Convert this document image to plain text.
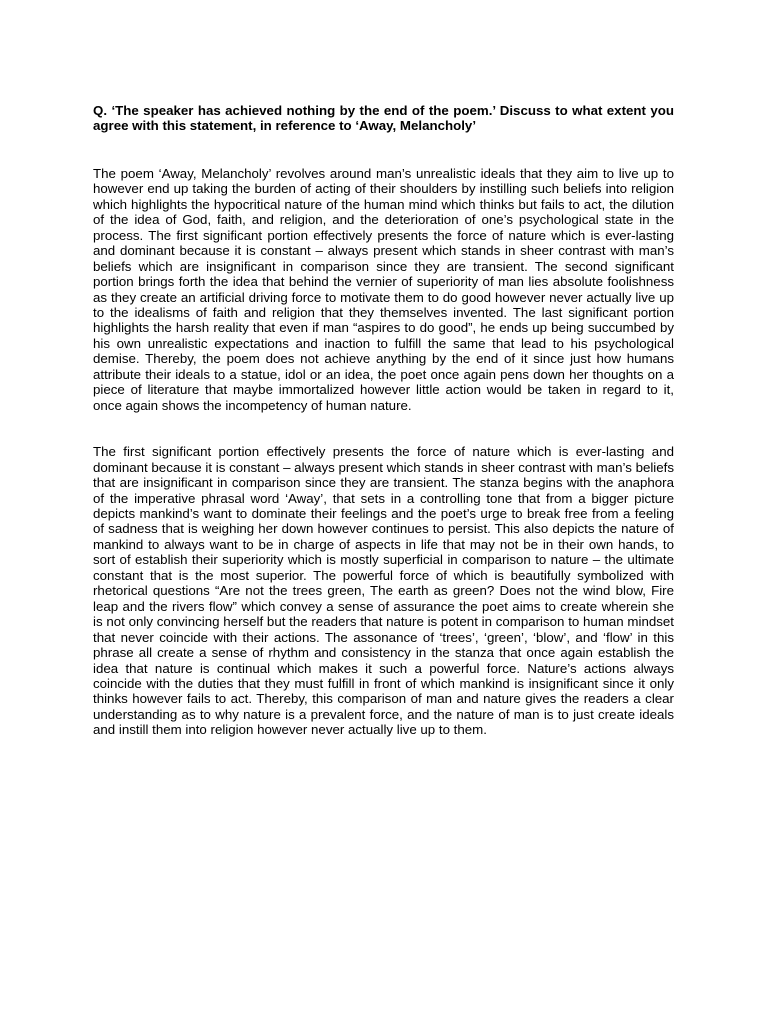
Q. ‘The speaker has achieved nothing by the end of the poem.’ Discuss to what extent you agree with this statement, in reference to ‘Away, Melancholy’

The poem ‘Away, Melancholy’ revolves around man’s unrealistic ideals that they aim to live up to however end up taking the burden of acting of their shoulders by instilling such beliefs into religion which highlights the hypocritical nature of the human mind which thinks but fails to act, the dilution of the idea of God, faith, and religion, and the deterioration of one’s psychological state in the process. The first significant portion effectively presents the force of nature which is ever-lasting and dominant because it is constant – always present which stands in sheer contrast with man’s beliefs which are insignificant in comparison since they are transient. The second significant portion brings forth the idea that behind the vernier of superiority of man lies absolute foolishness as they create an artificial driving force to motivate them to do good however never actually live up to the idealisms of faith and religion that they themselves invented. The last significant portion highlights the harsh reality that even if man “aspires to do good”, he ends up being succumbed by his own unrealistic expectations and inaction to fulfill the same that lead to his psychological demise. Thereby, the poem does not achieve anything by the end of it since just how humans attribute their ideals to a statue, idol or an idea, the poet once again pens down her thoughts on a piece of literature that maybe immortalized however little action would be taken in regard to it, once again shows the incompetency of human nature.

The first significant portion effectively presents the force of nature which is ever-lasting and dominant because it is constant – always present which stands in sheer contrast with man’s beliefs that are insignificant in comparison since they are transient. The stanza begins with the anaphora of the imperative phrasal word ‘Away’, that sets in a controlling tone that from a bigger picture depicts mankind’s want to dominate their feelings and the poet’s urge to break free from a feeling of sadness that is weighing her down however continues to persist. This also depicts the nature of mankind to always want to be in charge of aspects in life that may not be in their own hands, to sort of establish their superiority which is mostly superficial in comparison to nature – the ultimate constant that is the most superior. The powerful force of which is beautifully symbolized with rhetorical questions “Are not the trees green, The earth as green? Does not the wind blow, Fire leap and the rivers flow” which convey a sense of assurance the poet aims to create wherein she is not only convincing herself but the readers that nature is potent in comparison to human mindset that never coincide with their actions. The assonance of ‘trees’, ‘green’, ‘blow’, and ‘flow’ in this phrase all create a sense of rhythm and consistency in the stanza that once again establish the idea that nature is continual which makes it such a powerful force. Nature’s actions always coincide with the duties that they must fulfill in front of which mankind is insignificant since it only thinks however fails to act. Thereby, this comparison of man and nature gives the readers a clear understanding as to why nature is a prevalent force, and the nature of man is to just create ideals and instill them into religion however never actually live up to them.
